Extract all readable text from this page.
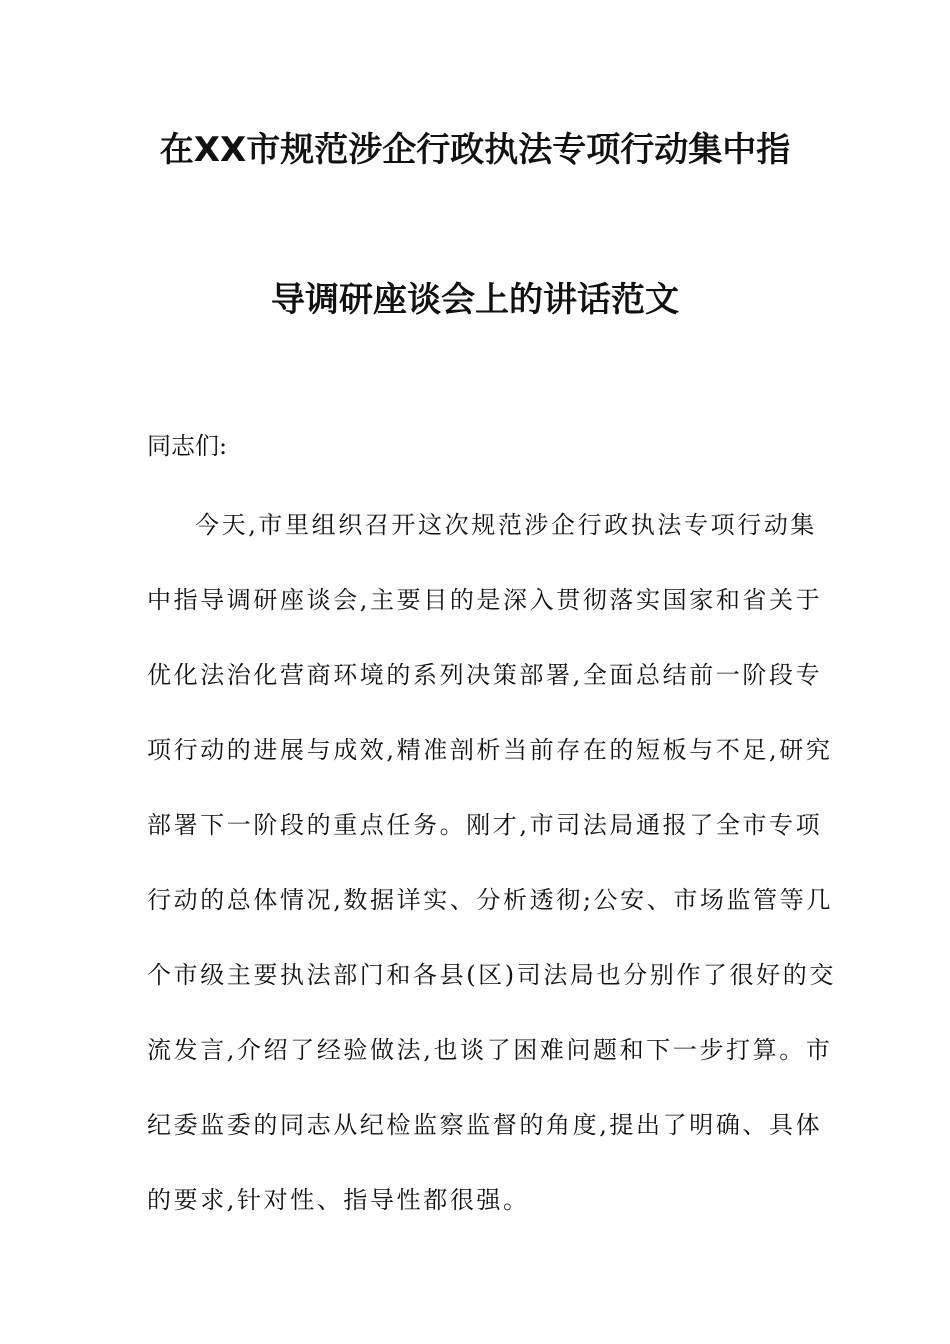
在XX市规范涉企行政执法专项行动集中指
导调研座谈会上的讲话范文
同志们:
今天,市里组织召开这次规范涉企行政执法专项行动集
中指导调研座谈会,主要目的是深入贯彻落实国家和省关于
优化法治化营商环境的系列决策部署,全面总结前一阶段专
项行动的进展与成效,精准剖析当前存在的短板与不足,研究
部署下一阶段的重点任务。刚才,市司法局通报了全市专项
行动的总体情况,数据详实、分析透彻;公安、市场监管等几
个市级主要执法部门和各县(区)司法局也分别作了很好的交
流发言,介绍了经验做法,也谈了困难问题和下一步打算。市
纪委监委的同志从纪检监察监督的角度,提出了明确、具体
的要求,针对性、指导性都很强。
